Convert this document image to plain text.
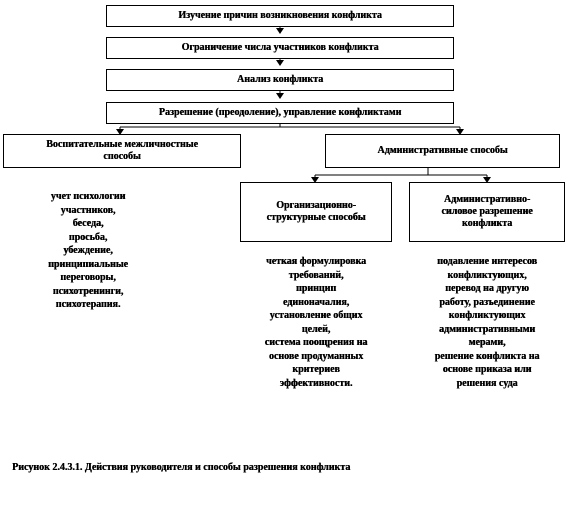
Изучение причин возникновения конфликта
Ограничение числа участников конфликта
Анализ конфликта
Разрешение (преодоление), управление конфликтами
Воспитательные межличностные
способы
Административные способы
Организационно-
структурные способы
Административно-
силовое разрешение
конфликта
учет психологии
участников,
беседа,
просьба,
убеждение,
принципиальные
переговоры,
психотренинги,
психотерапия.
четкая формулировка
требований,
принцип
единоначалия,
установление общих
целей,
система поощрения на
основе продуманных
критериев
эффективности.
подавление интересов
конфликтующих,
перевод на другую
работу, разъединение
конфликтующих
административными
мерами,
решение конфликта на
основе приказа или
решения суда
Рисунок 2.4.3.1. Действия руководителя и способы разрешения конфликта
